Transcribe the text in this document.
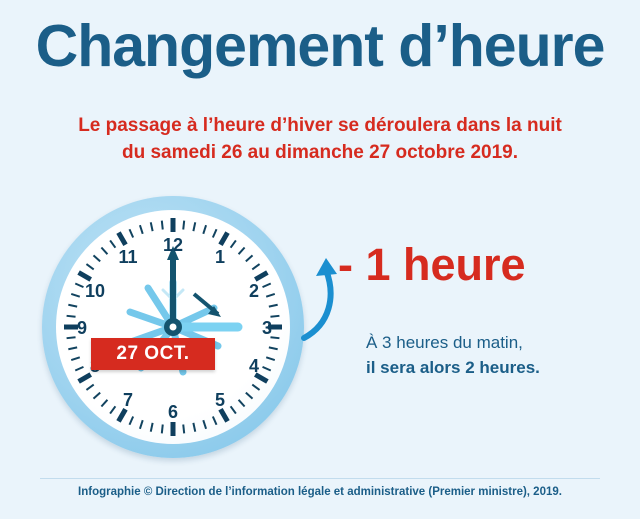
Changement d’heure
Le passage à l’heure d’hiver se déroulera dans la nuit
du samedi 26 au dimanche 27 octobre 2019.
12
1
2
3
4
5
6
7
9
10
11
27 OCT.
- 1 heure
À 3 heures du matin,
il sera alors 2 heures.
Infographie © Direction de l’information légale et administrative (Premier ministre), 2019.
